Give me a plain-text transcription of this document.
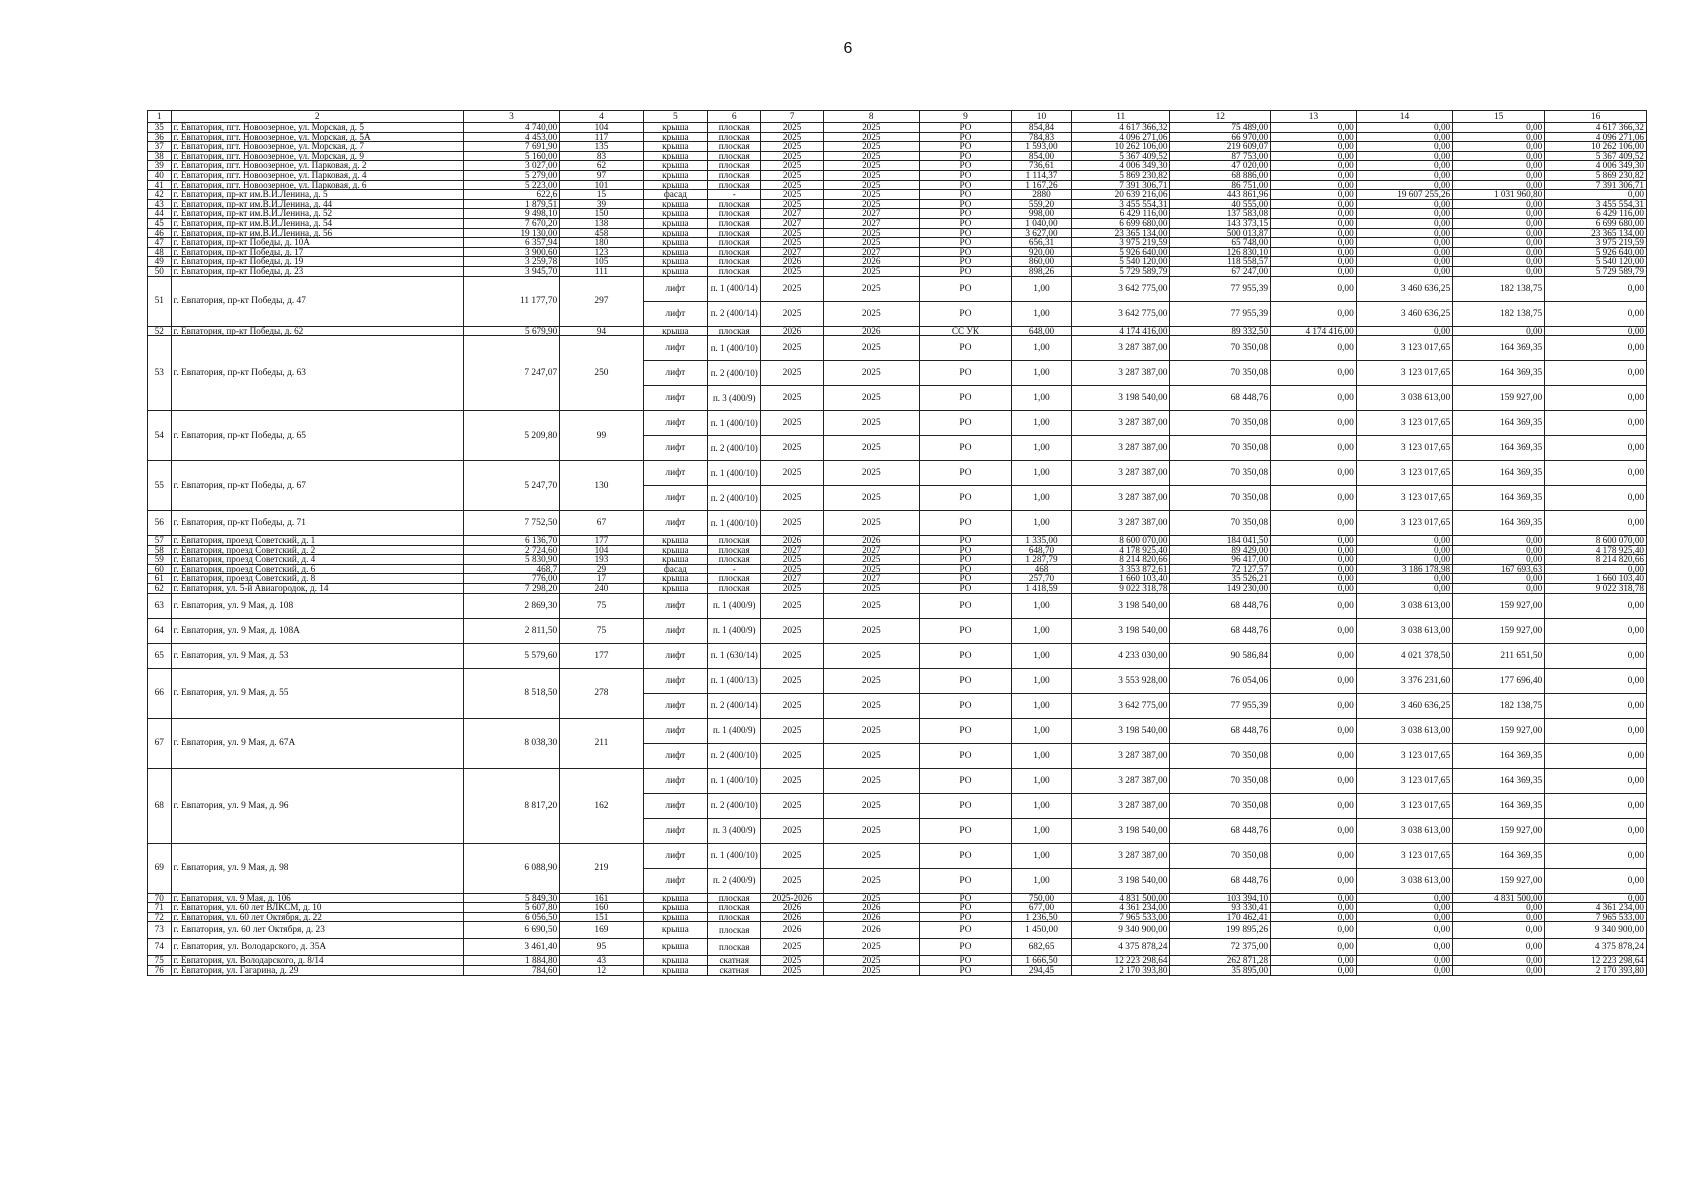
6
1	2	3	4	5	6	7	8	9	10	11	12	13	14	15	16
35	г. Евпатория, пгт. Новоозерное, ул. Морская, д. 5	4 740,00	104	крыша	плоская	2025	2025	РО	854,84	4 617 366,32	75 489,00	0,00	0,00	0,00	4 617 366,32
36	г. Евпатория, пгт. Новоозерное, ул. Морская, д. 5А	4 453,00	117	крыша	плоская	2025	2025	РО	784,83	4 096 271,06	66 970,00	0,00	0,00	0,00	4 096 271,06
37	г. Евпатория, пгт. Новоозерное, ул. Морская, д. 7	7 691,90	135	крыша	плоская	2025	2025	РО	1 593,00	10 262 106,00	219 609,07	0,00	0,00	0,00	10 262 106,00
38	г. Евпатория, пгт. Новоозерное, ул. Морская, д. 9	5 160,00	83	крыша	плоская	2025	2025	РО	854,00	5 367 409,52	87 753,00	0,00	0,00	0,00	5 367 409,52
39	г. Евпатория, пгт. Новоозерное, ул. Парковая, д. 2	3 027,00	62	крыша	плоская	2025	2025	РО	736,61	4 006 349,30	47 020,00	0,00	0,00	0,00	4 006 349,30
40	г. Евпатория, пгт. Новоозерное, ул. Парковая, д. 4	5 279,00	97	крыша	плоская	2025	2025	РО	1 114,37	5 869 230,82	68 886,00	0,00	0,00	0,00	5 869 230,82
41	г. Евпатория, пгт. Новоозерное, ул. Парковая, д. 6	5 223,00	101	крыша	плоская	2025	2025	РО	1 167,26	7 391 306,71	86 751,00	0,00	0,00	0,00	7 391 306,71
42	г. Евпатория, пр-кт им.В.И.Ленина, д. 5	622,6	15	фасад	-	2025	2025	РО	2880	20 639 216,06	443 861,96	0,00	19 607 255,26	1 031 960,80	0,00
43	г. Евпатория, пр-кт им.В.И.Ленина, д. 44	1 879,51	39	крыша	плоская	2025	2025	РО	559,20	3 455 554,31	40 555,00	0,00	0,00	0,00	3 455 554,31
44	г. Евпатория, пр-кт им.В.И.Ленина, д. 52	9 498,10	150	крыша	плоская	2027	2027	РО	998,00	6 429 116,00	137 583,08	0,00	0,00	0,00	6 429 116,00
45	г. Евпатория, пр-кт им.В.И.Ленина, д. 54	7 670,20	138	крыша	плоская	2027	2027	РО	1 040,00	6 699 680,00	143 373,15	0,00	0,00	0,00	6 699 680,00
46	г. Евпатория, пр-кт им.В.И.Ленина, д. 56	19 130,00	458	крыша	плоская	2025	2025	РО	3 627,00	23 365 134,00	500 013,87	0,00	0,00	0,00	23 365 134,00
47	г. Евпатория, пр-кт Победы, д. 10А	6 357,94	180	крыша	плоская	2025	2025	РО	656,31	3 975 219,59	65 748,00	0,00	0,00	0,00	3 975 219,59
48	г. Евпатория, пр-кт Победы, д. 17	3 900,60	123	крыша	плоская	2027	2027	РО	920,00	5 926 640,00	126 830,10	0,00	0,00	0,00	5 926 640,00
49	г. Евпатория, пр-кт Победы, д. 19	3 259,78	105	крыша	плоская	2026	2026	РО	860,00	5 540 120,00	118 558,57	0,00	0,00	0,00	5 540 120,00
50	г. Евпатория, пр-кт Победы, д. 23	3 945,70	111	крыша	плоская	2025	2025	РО	898,26	5 729 589,79	67 247,00	0,00	0,00	0,00	5 729 589,79
51	г. Евпатория, пр-кт Победы, д. 47	11 177,70	297	лифт	п. 1 (400/14)	2025	2025	РО	1,00	3 642 775,00	77 955,39	0,00	3 460 636,25	182 138,75	0,00
				лифт	п. 2 (400/14)	2025	2025	РО	1,00	3 642 775,00	77 955,39	0,00	3 460 636,25	182 138,75	0,00
52	г. Евпатория, пр-кт Победы, д. 62	5 679,90	94	крыша	плоская	2026	2026	СС УК	648,00	4 174 416,00	89 332,50	4 174 416,00	0,00	0,00	0,00
53	г. Евпатория, пр-кт Победы, д. 63	7 247,07	250	лифт	п. 1 (400/10)	2025	2025	РО	1,00	3 287 387,00	70 350,08	0,00	3 123 017,65	164 369,35	0,00
				лифт	п. 2 (400/10)	2025	2025	РО	1,00	3 287 387,00	70 350,08	0,00	3 123 017,65	164 369,35	0,00
				лифт	п. 3 (400/9)	2025	2025	РО	1,00	3 198 540,00	68 448,76	0,00	3 038 613,00	159 927,00	0,00
54	г. Евпатория, пр-кт Победы, д. 65	5 209,80	99	лифт	п. 1 (400/10)	2025	2025	РО	1,00	3 287 387,00	70 350,08	0,00	3 123 017,65	164 369,35	0,00
				лифт	п. 2 (400/10)	2025	2025	РО	1,00	3 287 387,00	70 350,08	0,00	3 123 017,65	164 369,35	0,00
55	г. Евпатория, пр-кт Победы, д. 67	5 247,70	130	лифт	п. 1 (400/10)	2025	2025	РО	1,00	3 287 387,00	70 350,08	0,00	3 123 017,65	164 369,35	0,00
				лифт	п. 2 (400/10)	2025	2025	РО	1,00	3 287 387,00	70 350,08	0,00	3 123 017,65	164 369,35	0,00
56	г. Евпатория, пр-кт Победы, д. 71	7 752,50	67	лифт	п. 1 (400/10)	2025	2025	РО	1,00	3 287 387,00	70 350,08	0,00	3 123 017,65	164 369,35	0,00
57	г. Евпатория, проезд Советский, д. 1	6 136,70	177	крыша	плоская	2026	2026	РО	1 335,00	8 600 070,00	184 041,50	0,00	0,00	0,00	8 600 070,00
58	г. Евпатория, проезд Советский, д. 2	2 724,60	104	крыша	плоская	2027	2027	РО	648,70	4 178 925,40	89 429,00	0,00	0,00	0,00	4 178 925,40
59	г. Евпатория, проезд Советский, д. 4	5 830,90	193	крыша	плоская	2025	2025	РО	1 287,79	8 214 820,66	96 417,00	0,00	0,00	0,00	8 214 820,66
60	г. Евпатория, проезд Советский, д. 6	468,7	29	фасад	-	2025	2025	РО	468	3 353 872,61	72 127,57	0,00	3 186 178,98	167 693,63	0,00
61	г. Евпатория, проезд Советский, д. 8	776,00	17	крыша	плоская	2027	2027	РО	257,70	1 660 103,40	35 526,21	0,00	0,00	0,00	1 660 103,40
62	г. Евпатория, ул. 5-й Авиагородок, д. 14	7 298,20	240	крыша	плоская	2025	2025	РО	1 418,59	9 022 318,78	149 230,00	0,00	0,00	0,00	9 022 318,78
63	г. Евпатория, ул. 9 Мая, д. 108	2 869,30	75	лифт	п. 1 (400/9)	2025	2025	РО	1,00	3 198 540,00	68 448,76	0,00	3 038 613,00	159 927,00	0,00
64	г. Евпатория, ул. 9 Мая, д. 108А	2 811,50	75	лифт	п. 1 (400/9)	2025	2025	РО	1,00	3 198 540,00	68 448,76	0,00	3 038 613,00	159 927,00	0,00
65	г. Евпатория, ул. 9 Мая, д. 53	5 579,60	177	лифт	п. 1 (630/14)	2025	2025	РО	1,00	4 233 030,00	90 586,84	0,00	4 021 378,50	211 651,50	0,00
66	г. Евпатория, ул. 9 Мая, д. 55	8 518,50	278	лифт	п. 1 (400/13)	2025	2025	РО	1,00	3 553 928,00	76 054,06	0,00	3 376 231,60	177 696,40	0,00
				лифт	п. 2 (400/14)	2025	2025	РО	1,00	3 642 775,00	77 955,39	0,00	3 460 636,25	182 138,75	0,00
67	г. Евпатория, ул. 9 Мая, д. 67А	8 038,30	211	лифт	п. 1 (400/9)	2025	2025	РО	1,00	3 198 540,00	68 448,76	0,00	3 038 613,00	159 927,00	0,00
				лифт	п. 2 (400/10)	2025	2025	РО	1,00	3 287 387,00	70 350,08	0,00	3 123 017,65	164 369,35	0,00
68	г. Евпатория, ул. 9 Мая, д. 96	8 817,20	162	лифт	п. 1 (400/10)	2025	2025	РО	1,00	3 287 387,00	70 350,08	0,00	3 123 017,65	164 369,35	0,00
				лифт	п. 2 (400/10)	2025	2025	РО	1,00	3 287 387,00	70 350,08	0,00	3 123 017,65	164 369,35	0,00
				лифт	п. 3 (400/9)	2025	2025	РО	1,00	3 198 540,00	68 448,76	0,00	3 038 613,00	159 927,00	0,00
69	г. Евпатория, ул. 9 Мая, д. 98	6 088,90	219	лифт	п. 1 (400/10)	2025	2025	РО	1,00	3 287 387,00	70 350,08	0,00	3 123 017,65	164 369,35	0,00
				лифт	п. 2 (400/9)	2025	2025	РО	1,00	3 198 540,00	68 448,76	0,00	3 038 613,00	159 927,00	0,00
70	г. Евпатория, ул. 9 Мая, д. 106	5 849,30	161	крыша	плоская	2025-2026	2025	РО	750,00	4 831 500,00	103 394,10	0,00	0,00	4 831 500,00	0,00
71	г. Евпатория, ул. 60 лет ВЛКСМ, д. 10	5 607,80	160	крыша	плоская	2026	2026	РО	677,00	4 361 234,00	93 330,41	0,00	0,00	0,00	4 361 234,00
72	г. Евпатория, ул. 60 лет Октября, д. 22	6 056,50	151	крыша	плоская	2026	2026	РО	1 236,50	7 965 533,00	170 462,41	0,00	0,00	0,00	7 965 533,00
73	г. Евпатория, ул. 60 лет Октября, д. 23	6 690,50	169	крыша	плоская	2026	2026	РО	1 450,00	9 340 900,00	199 895,26	0,00	0,00	0,00	9 340 900,00
74	г. Евпатория, ул. Володарского, д. 35А	3 461,40	95	крыша	плоская	2025	2025	РО	682,65	4 375 878,24	72 375,00	0,00	0,00	0,00	4 375 878,24
75	г. Евпатория, ул. Володарского, д. 8/14	1 884,80	43	крыша	скатная	2025	2025	РО	1 666,50	12 223 298,64	262 871,28	0,00	0,00	0,00	12 223 298,64
76	г. Евпатория, ул. Гагарина, д. 29	784,60	12	крыша	скатная	2025	2025	РО	294,45	2 170 393,80	35 895,00	0,00	0,00	0,00	2 170 393,80
